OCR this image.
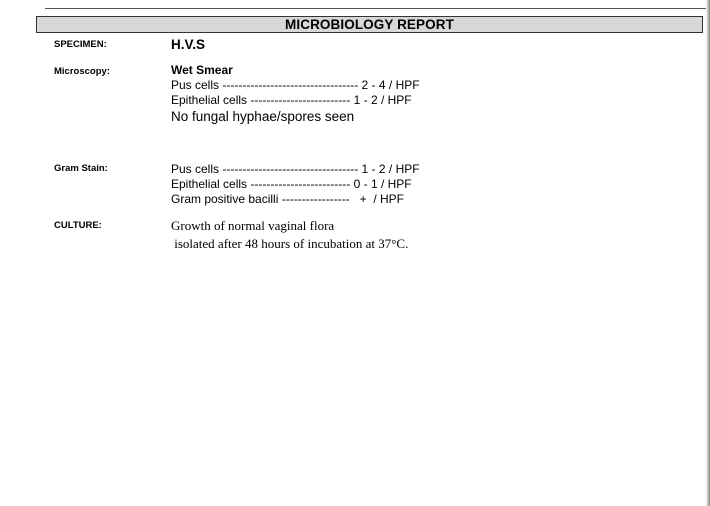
MICROBIOLOGY REPORT
SPECIMEN:	H.V.S
Microscopy:	Wet Smear
Pus cells ---------------------------------- 2 - 4 / HPF
Epithelial cells ------------------------- 1 - 2 / HPF
No fungal hyphae/spores seen
Gram Stain:	Pus cells ---------------------------------- 1 - 2 / HPF
Epithelial cells ------------------------- 0 - 1 / HPF
Gram positive bacilli -----------------   +  / HPF
CULTURE:	Growth of normal vaginal flora
isolated after 48 hours of incubation at 37°C.
